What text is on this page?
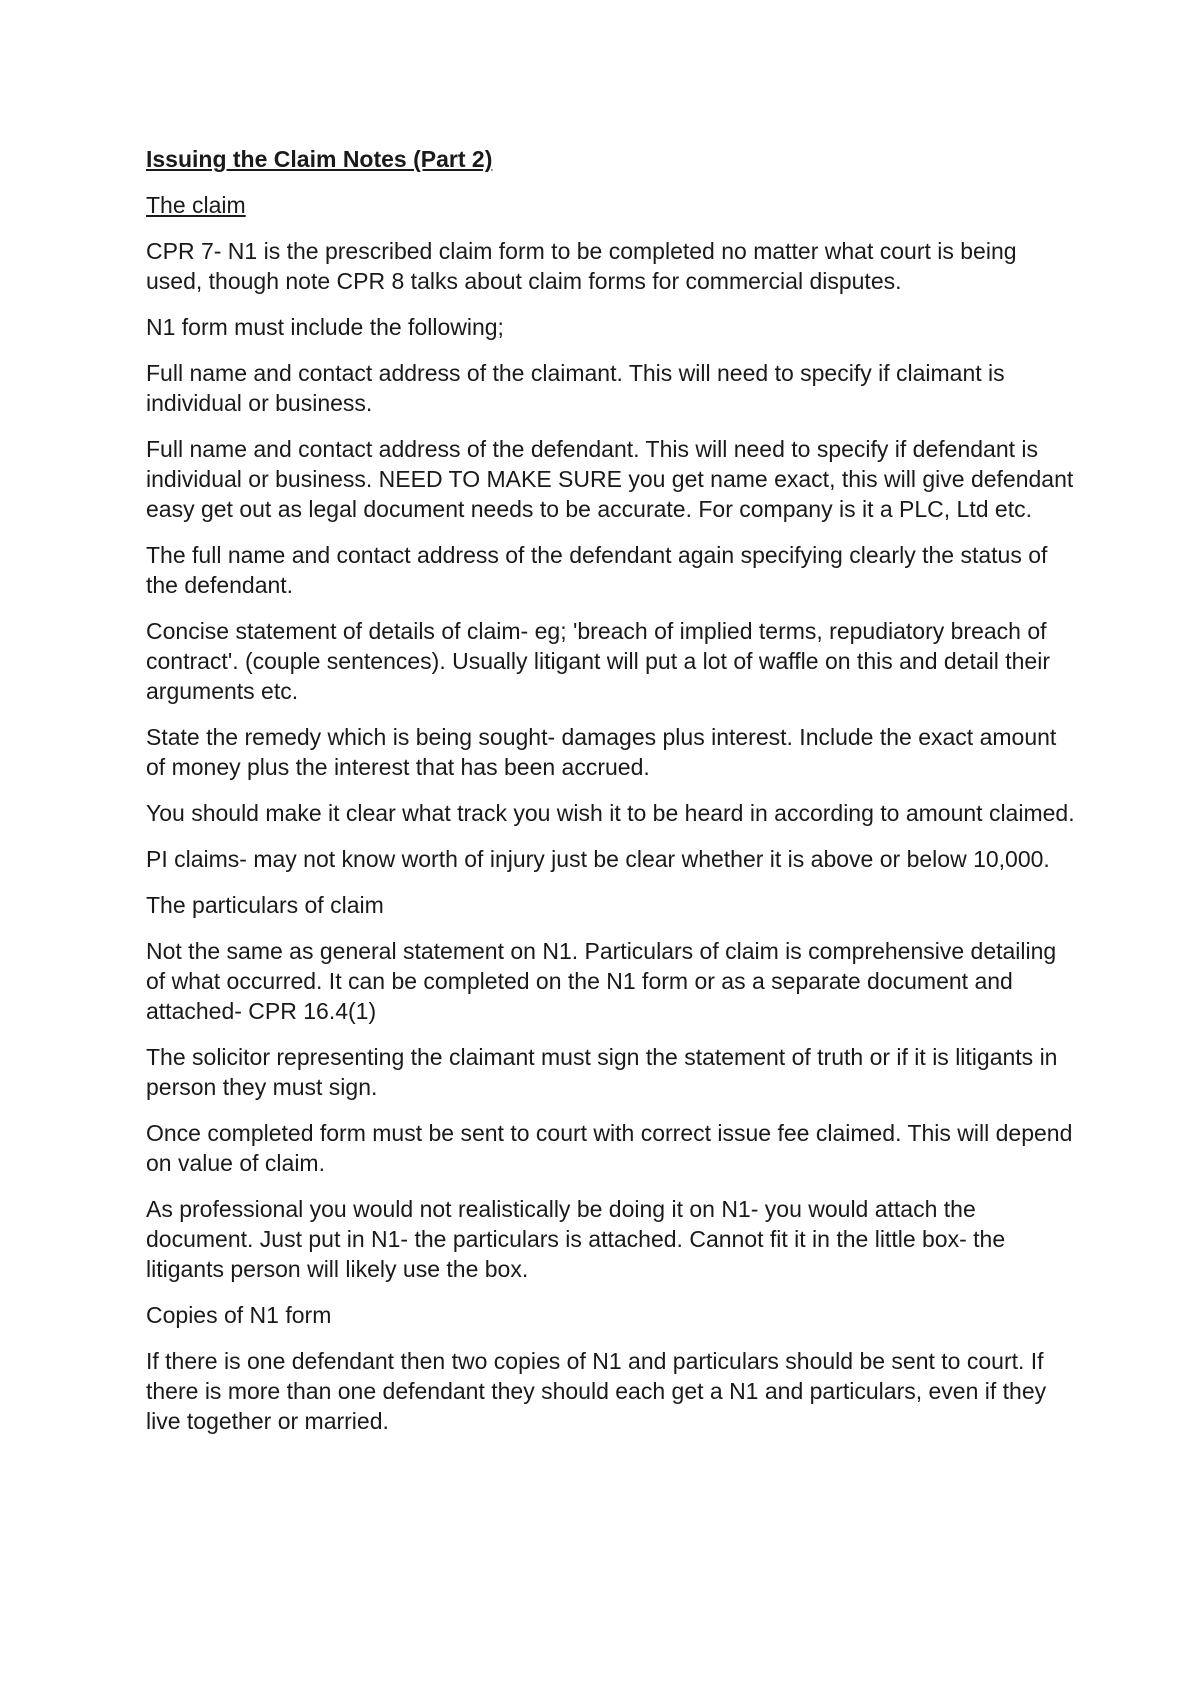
Issuing the Claim Notes (Part 2)

The claim

CPR 7- N1 is the prescribed claim form to be completed no matter what court is being used, though note CPR 8 talks about claim forms for commercial disputes.

N1 form must include the following;

Full name and contact address of the claimant. This will need to specify if claimant is individual or business.

Full name and contact address of the defendant. This will need to specify if defendant is individual or business. NEED TO MAKE SURE you get name exact, this will give defendant easy get out as legal document needs to be accurate. For company is it a PLC, Ltd etc.

The full name and contact address of the defendant again specifying clearly the status of the defendant.

Concise statement of details of claim- eg; 'breach of implied terms, repudiatory breach of contract'. (couple sentences). Usually litigant will put a lot of waffle on this and detail their arguments etc.

State the remedy which is being sought- damages plus interest. Include the exact amount of money plus the interest that has been accrued.

You should make it clear what track you wish it to be heard in according to amount claimed.

PI claims- may not know worth of injury just be clear whether it is above or below 10,000.

The particulars of claim

Not the same as general statement on N1. Particulars of claim is comprehensive detailing of what occurred. It can be completed on the N1 form or as a separate document and attached- CPR 16.4(1)

The solicitor representing the claimant must sign the statement of truth or if it is litigants in person they must sign.

Once completed form must be sent to court with correct issue fee claimed. This will depend on value of claim.

As professional you would not realistically be doing it on N1- you would attach the document. Just put in N1- the particulars is attached. Cannot fit it in the little box- the litigants person will likely use the box.

Copies of N1 form

If there is one defendant then two copies of N1 and particulars should be sent to court. If there is more than one defendant they should each get a N1 and particulars, even if they live together or married.
